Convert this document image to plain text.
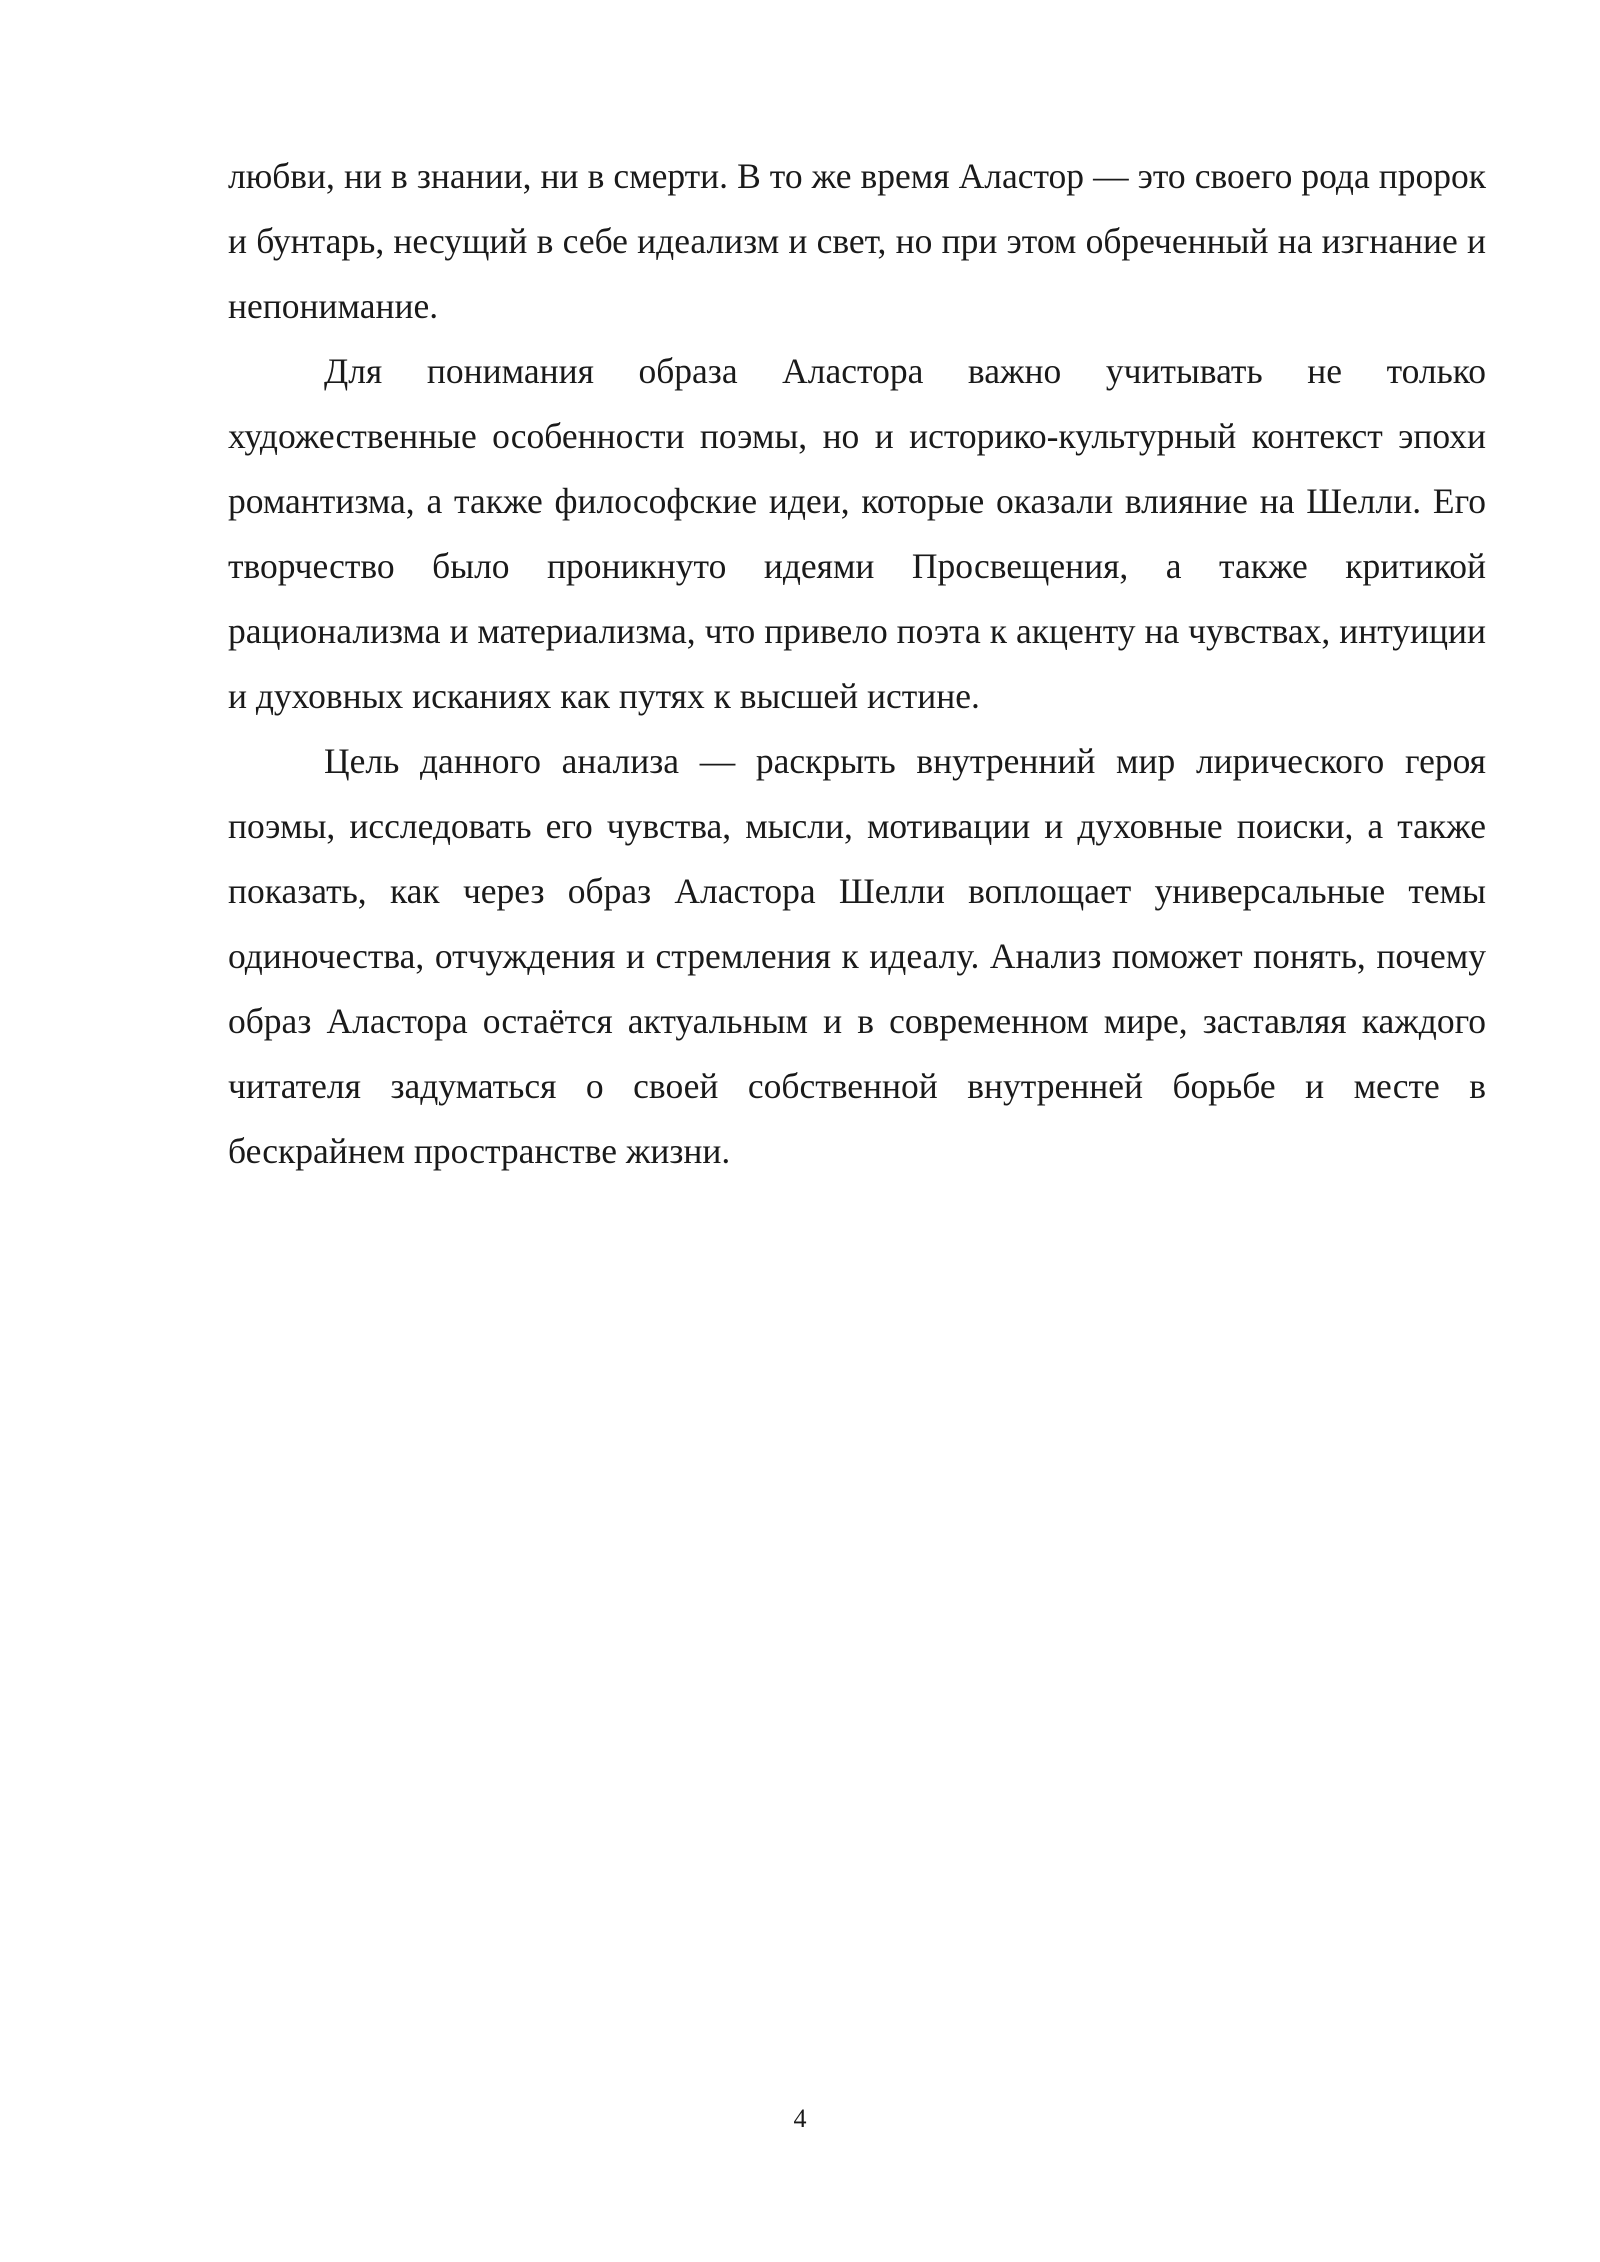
любви, ни в знании, ни в смерти. В то же время Аластор — это своего рода пророк и бунтарь, несущий в себе идеализм и свет, но при этом обреченный на изгнание и непонимание.

Для понимания образа Аластора важно учитывать не только художественные особенности поэмы, но и историко-культурный контекст эпохи романтизма, а также философские идеи, которые оказали влияние на Шелли. Его творчество было проникнуто идеями Просвещения, а также критикой рационализма и материализма, что привело поэта к акценту на чувствах, интуиции и духовных исканиях как путях к высшей истине.

Цель данного анализа — раскрыть внутренний мир лирического героя поэмы, исследовать его чувства, мысли, мотивации и духовные поиски, а также показать, как через образ Аластора Шелли воплощает универсальные темы одиночества, отчуждения и стремления к идеалу. Анализ поможет понять, почему образ Аластора остаётся актуальным и в современном мире, заставляя каждого читателя задуматься о своей собственной внутренней борьбе и месте в бескрайнем пространстве жизни.

4
